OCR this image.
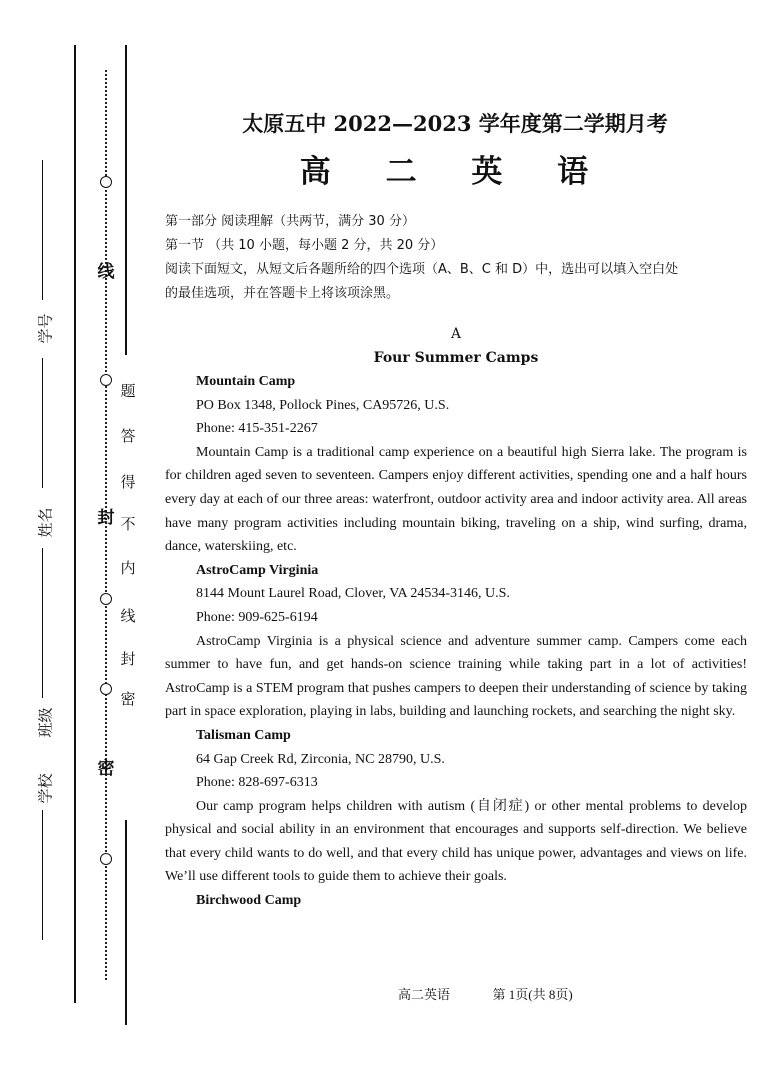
线
封
密
题
答
得
不
内
线
封
密
学号
姓名
班级
学校
太原五中 2022—2023 学年度第二学期月考
高 二 英 语

第一部分 阅读理解（共两节，满分 30 分）

第一节 （共 10 小题，每小题 2 分，共 20 分）

阅读下面短文，从短文后各题所给的四个选项（A、B、C 和 D）中，选出可以填入空白处

的最佳选项，并在答题卡上将该项涂黑。

A

Four Summer Camps

Mountain Camp

PO Box 1348, Pollock Pines, CA95726, U.S.

Phone: 415-351-2267

Mountain Camp is a traditional camp experience on a beautiful high Sierra lake. The program is for children aged seven to seventeen. Campers enjoy different activities, spending one and a half hours every day at each of our three areas: waterfront, outdoor activity area and indoor activity area. All areas have many program activities including mountain biking, traveling on a ship, wind surfing, drama, dance, waterskiing, etc.

AstroCamp Virginia

8144 Mount Laurel Road, Clover, VA 24534-3146, U.S.

Phone: 909-625-6194

AstroCamp Virginia is a physical science and adventure summer camp. Campers come each summer to have fun, and get hands-on science training while taking part in a lot of activities! AstroCamp is a STEM program that pushes campers to deepen their understanding of science by taking part in space exploration, playing in labs, building and launching rockets, and searching the night sky.

Talisman Camp

64 Gap Creek Rd, Zirconia, NC 28790, U.S.

Phone: 828-697-6313

Our camp program helps children with autism (自闭症) or other mental problems to develop physical and social ability in an environment that encourages and supports self-direction. We believe that every child wants to do well, and that every child has unique power, advantages and views on life. We’ll use different tools to guide them to achieve their goals.

Birchwood Camp

高二英语	第 1页(共 8页)
